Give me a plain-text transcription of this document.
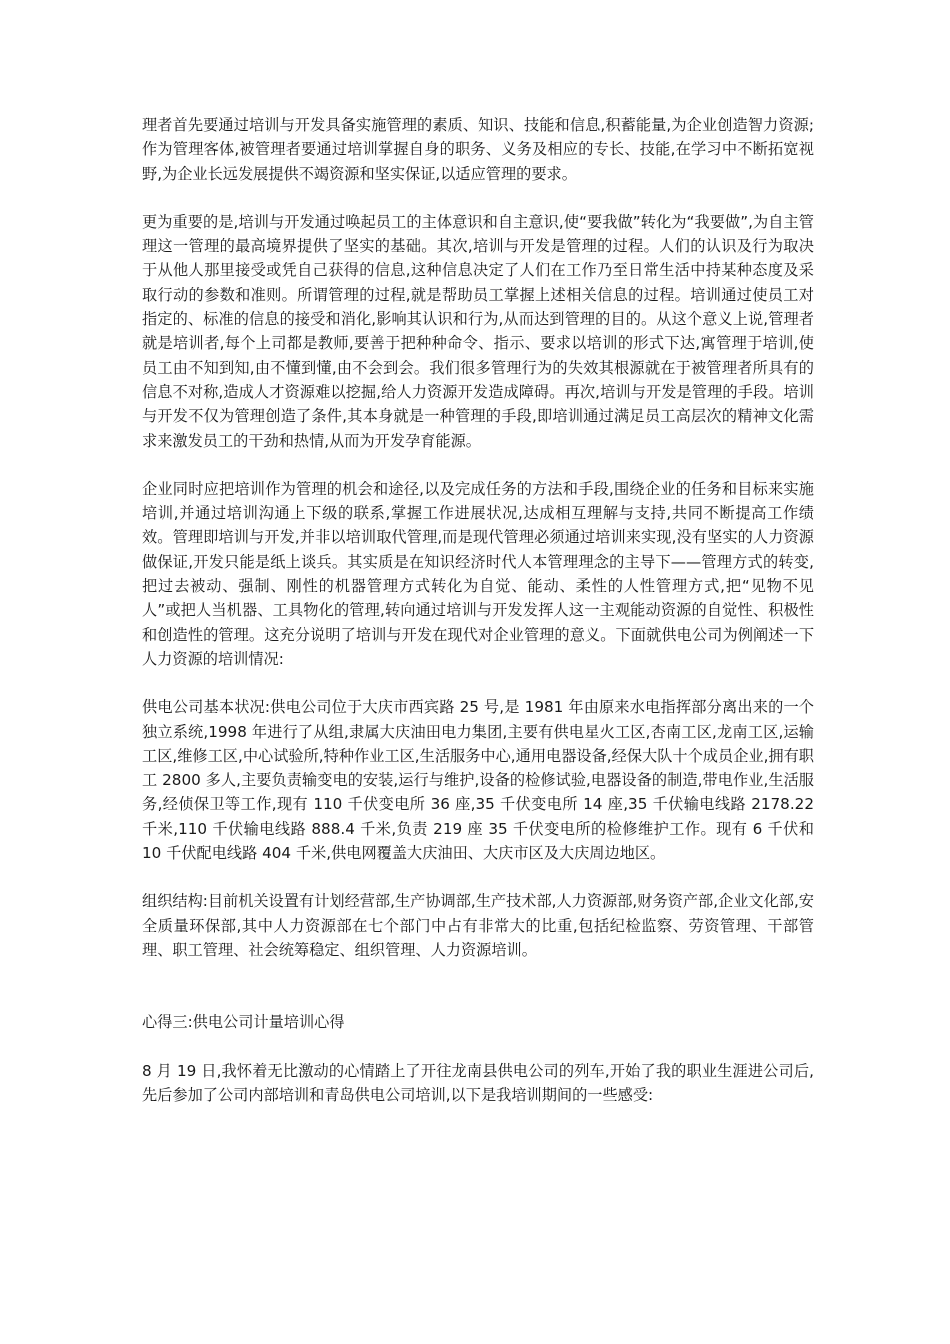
理者首先要通过培训与开发具备实施管理的素质、知识、技能和信息,积蓄能量,为企业创造智力资源;作为管理客体,被管理者要通过培训掌握自身的职务、义务及相应的专长、技能,在学习中不断拓宽视野,为企业长远发展提供不竭资源和坚实保证,以适应管理的要求。

更为重要的是,培训与开发通过唤起员工的主体意识和自主意识,使“要我做”转化为“我要做”,为自主管理这一管理的最高境界提供了坚实的基础。其次,培训与开发是管理的过程。人们的认识及行为取决于从他人那里接受或凭自己获得的信息,这种信息决定了人们在工作乃至日常生活中持某种态度及采取行动的参数和准则。所谓管理的过程,就是帮助员工掌握上述相关信息的过程。培训通过使员工对指定的、标准的信息的接受和消化,影响其认识和行为,从而达到管理的目的。从这个意义上说,管理者就是培训者,每个上司都是教师,要善于把种种命令、指示、要求以培训的形式下达,寓管理于培训,使员工由不知到知,由不懂到懂,由不会到会。我们很多管理行为的失效其根源就在于被管理者所具有的信息不对称,造成人才资源难以挖掘,给人力资源开发造成障碍。再次,培训与开发是管理的手段。培训与开发不仅为管理创造了条件,其本身就是一种管理的手段,即培训通过满足员工高层次的精神文化需求来激发员工的干劲和热情,从而为开发孕育能源。

企业同时应把培训作为管理的机会和途径,以及完成任务的方法和手段,围绕企业的任务和目标来实施培训,并通过培训沟通上下级的联系,掌握工作进展状况,达成相互理解与支持,共同不断提高工作绩效。管理即培训与开发,并非以培训取代管理,而是现代管理必须通过培训来实现,没有坚实的人力资源做保证,开发只能是纸上谈兵。其实质是在知识经济时代人本管理理念的主导下——管理方式的转变,把过去被动、强制、刚性的机器管理方式转化为自觉、能动、柔性的人性管理方式,把“见物不见人”或把人当机器、工具物化的管理,转向通过培训与开发发挥人这一主观能动资源的自觉性、积极性和创造性的管理。这充分说明了培训与开发在现代对企业管理的意义。下面就供电公司为例阐述一下人力资源的培训情况:

供电公司基本状况:供电公司位于大庆市西宾路 25 号,是 1981 年由原来水电指挥部分离出来的一个独立系统,1998 年进行了从组,隶属大庆油田电力集团,主要有供电星火工区,杏南工区,龙南工区,运输工区,维修工区,中心试验所,特种作业工区,生活服务中心,通用电器设备,经保大队十个成员企业,拥有职工 2800 多人,主要负责输变电的安装,运行与维护,设备的检修试验,电器设备的制造,带电作业,生活服务,经侦保卫等工作,现有 110 千伏变电所 36 座,35 千伏变电所 14 座,35 千伏输电线路 2178.22 千米,110 千伏输电线路 888.4 千米,负责 219 座 35 千伏变电所的检修维护工作。现有 6 千伏和 10 千伏配电线路 404 千米,供电网覆盖大庆油田、大庆市区及大庆周边地区。

组织结构:目前机关设置有计划经营部,生产协调部,生产技术部,人力资源部,财务资产部,企业文化部,安全质量环保部,其中人力资源部在七个部门中占有非常大的比重,包括纪检监察、劳资管理、干部管理、职工管理、社会统筹稳定、组织管理、人力资源培训。

心得三:供电公司计量培训心得

8 月 19 日,我怀着无比激动的心情踏上了开往龙南县供电公司的列车,开始了我的职业生涯进公司后,先后参加了公司内部培训和青岛供电公司培训,以下是我培训期间的一些感受:
